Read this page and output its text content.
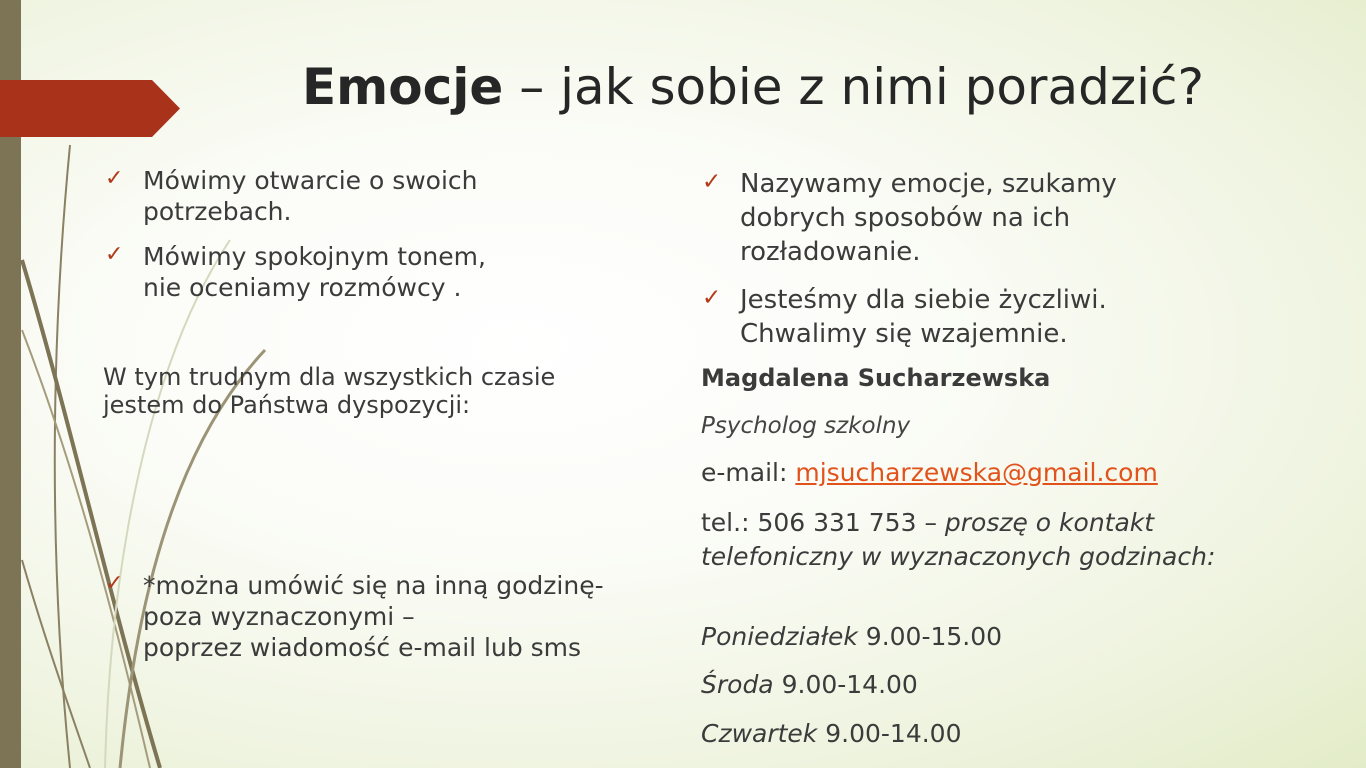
Emocje – jak sobie z nimi poradzić?
✓ Mówimy otwarcie o swoich
potrzebach.
✓ Mówimy spokojnym tonem,
nie oceniamy rozmówcy .
W tym trudnym dla wszystkich czasie
jestem do Państwa dyspozycji:
✓ *można umówić się na inną godzinę-
poza wyznaczonymi –
poprzez wiadomość e-mail lub sms
✓ Nazywamy emocje, szukamy
dobrych sposobów na ich
rozładowanie.
✓ Jesteśmy dla siebie życzliwi.
Chwalimy się wzajemnie.
Magdalena Sucharzewska
Psycholog szkolny
e-mail: mjsucharzewska@gmail.com
tel.: 506 331 753 – proszę o kontakt telefoniczny w wyznaczonych godzinach:
Poniedziałek 9.00-15.00
Środa 9.00-14.00
Czwartek 9.00-14.00
